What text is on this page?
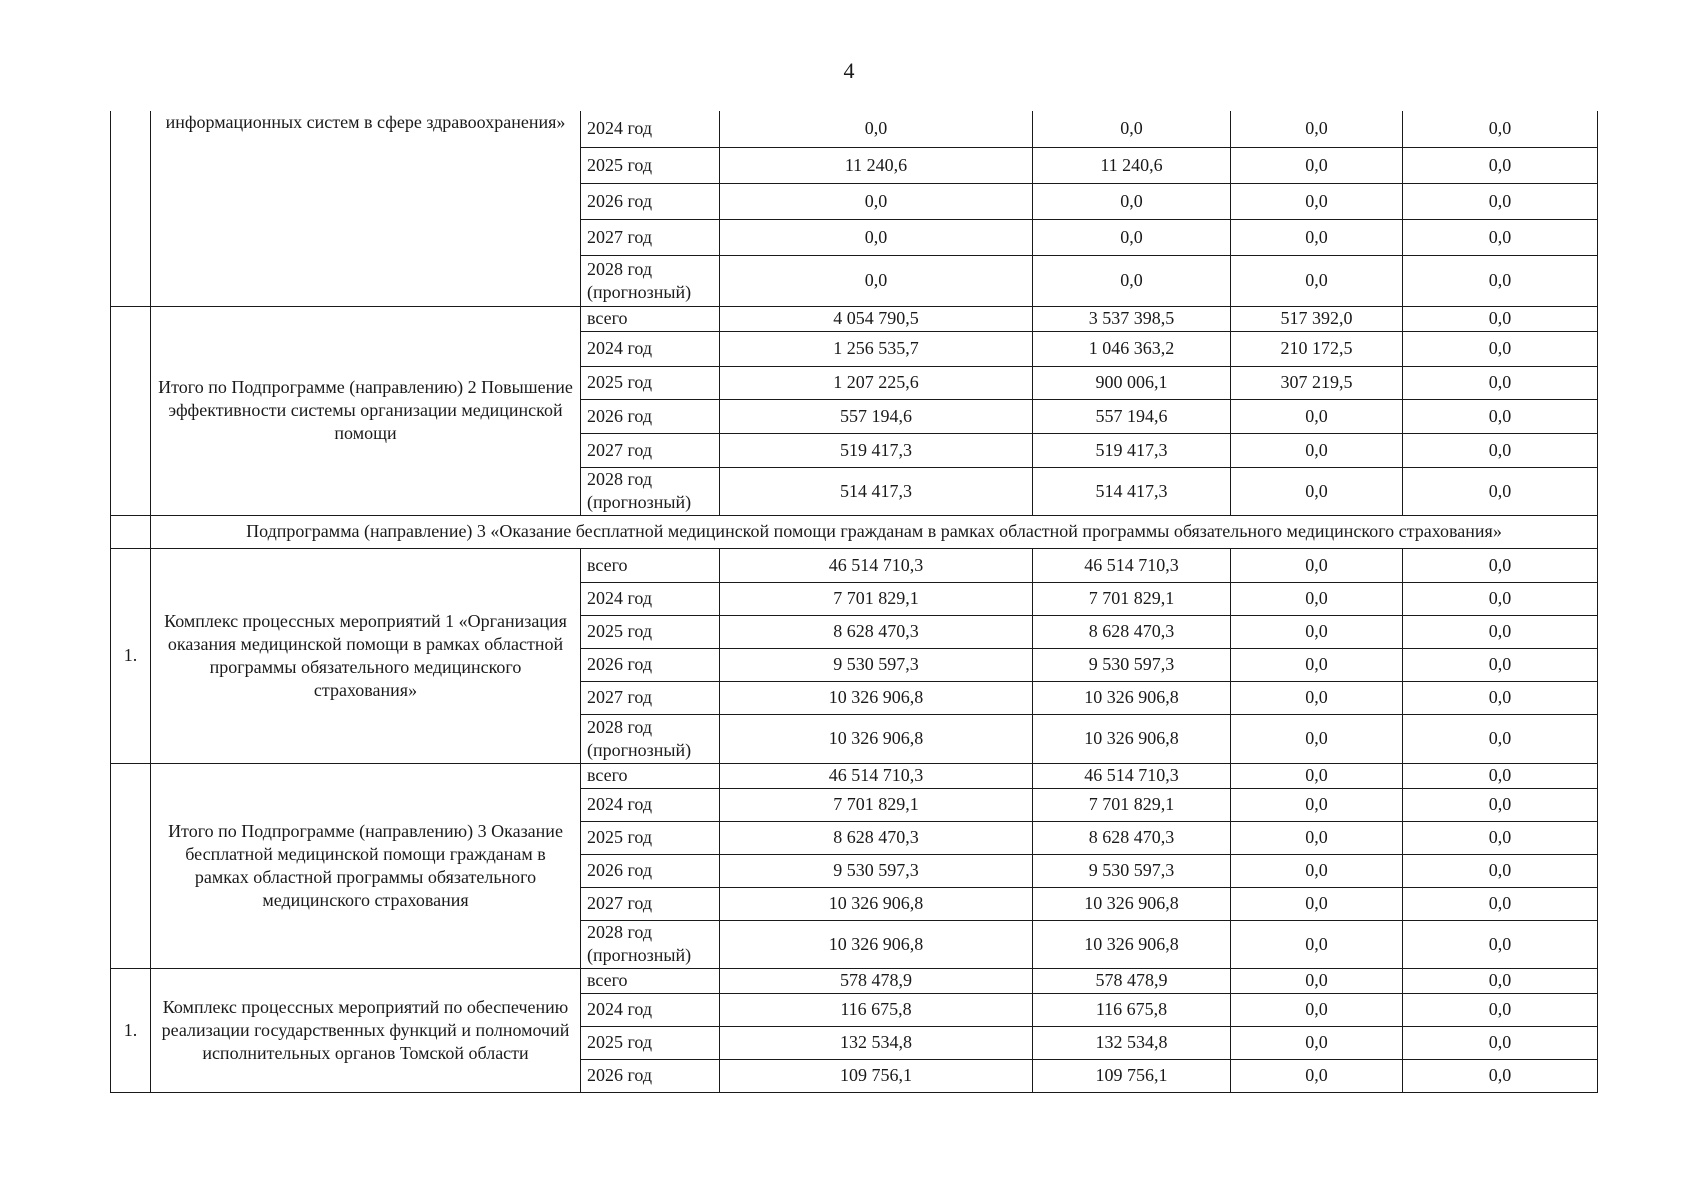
4
	информационных систем в сфере здравоохранения»	2024 год	0,0	0,0	0,0	0,0
		2025 год	11 240,6	11 240,6	0,0	0,0
		2026 год	0,0	0,0	0,0	0,0
		2027 год	0,0	0,0	0,0	0,0
		2028 год (прогнозный)	0,0	0,0	0,0	0,0
	Итого по Подпрограмме (направлению) 2 Повышение эффективности системы организации медицинской помощи	всего	4 054 790,5	3 537 398,5	517 392,0	0,0
		2024 год	1 256 535,7	1 046 363,2	210 172,5	0,0
		2025 год	1 207 225,6	900 006,1	307 219,5	0,0
		2026 год	557 194,6	557 194,6	0,0	0,0
		2027 год	519 417,3	519 417,3	0,0	0,0
		2028 год (прогнозный)	514 417,3	514 417,3	0,0	0,0
	Подпрограмма (направление) 3 «Оказание бесплатной медицинской помощи гражданам в рамках областной программы обязательного медицинского страхования»					
1.	Комплекс процессных мероприятий 1 «Организация оказания медицинской помощи в рамках областной программы обязательного медицинского страхования»	всего	46 514 710,3	46 514 710,3	0,0	0,0
		2024 год	7 701 829,1	7 701 829,1	0,0	0,0
		2025 год	8 628 470,3	8 628 470,3	0,0	0,0
		2026 год	9 530 597,3	9 530 597,3	0,0	0,0
		2027 год	10 326 906,8	10 326 906,8	0,0	0,0
		2028 год (прогнозный)	10 326 906,8	10 326 906,8	0,0	0,0
	Итого по Подпрограмме (направлению) 3 Оказание бесплатной медицинской помощи гражданам в рамках областной программы обязательного медицинского страхования	всего	46 514 710,3	46 514 710,3	0,0	0,0
		2024 год	7 701 829,1	7 701 829,1	0,0	0,0
		2025 год	8 628 470,3	8 628 470,3	0,0	0,0
		2026 год	9 530 597,3	9 530 597,3	0,0	0,0
		2027 год	10 326 906,8	10 326 906,8	0,0	0,0
		2028 год (прогнозный)	10 326 906,8	10 326 906,8	0,0	0,0
1.	Комплекс процессных мероприятий по обеспечению реализации государственных функций и полномочий исполнительных органов Томской области	всего	578 478,9	578 478,9	0,0	0,0
		2024 год	116 675,8	116 675,8	0,0	0,0
		2025 год	132 534,8	132 534,8	0,0	0,0
		2026 год	109 756,1	109 756,1	0,0	0,0
